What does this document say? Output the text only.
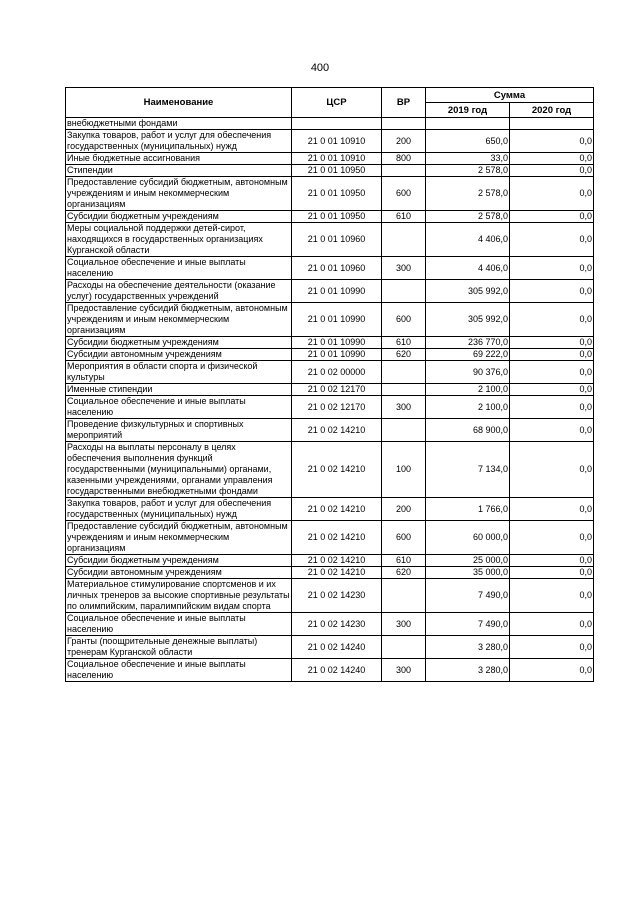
400
Наименование	ЦСР	ВР	Сумма	
			2019 год	2020 год
внебюджетными фондами				
Закупка товаров, работ и услуг для обеспечения государственных (муниципальных) нужд	21 0 01 10910	200	650,0	0,0
Иные бюджетные ассигнования	21 0 01 10910	800	33,0	0,0
Стипендии	21 0 01 10950		2 578,0	0,0
Предоставление субсидий бюджетным, автономным учреждениям и иным некоммерческим организациям	21 0 01 10950	600	2 578,0	0,0
Субсидии бюджетным учреждениям	21 0 01 10950	610	2 578,0	0,0
Меры социальной поддержки детей-сирот, находящихся в государственных организациях Курганской области	21 0 01 10960		4 406,0	0,0
Социальное обеспечение и иные выплаты населению	21 0 01 10960	300	4 406,0	0,0
Расходы на обеспечение деятельности (оказание услуг) государственных учреждений	21 0 01 10990		305 992,0	0,0
Предоставление субсидий бюджетным, автономным учреждениям и иным некоммерческим организациям	21 0 01 10990	600	305 992,0	0,0
Субсидии бюджетным учреждениям	21 0 01 10990	610	236 770,0	0,0
Субсидии автономным учреждениям	21 0 01 10990	620	69 222,0	0,0
Мероприятия в области спорта и физической культуры	21 0 02 00000		90 376,0	0,0
Именные стипендии	21 0 02 12170		2 100,0	0,0
Социальное обеспечение и иные выплаты населению	21 0 02 12170	300	2 100,0	0,0
Проведение физкультурных и спортивных мероприятий	21 0 02 14210		68 900,0	0,0
Расходы на выплаты персоналу в целях обеспечения выполнения функций государственными (муниципальными) органами, казенными учреждениями, органами управления государственными внебюджетными фондами	21 0 02 14210	100	7 134,0	0,0
Закупка товаров, работ и услуг для обеспечения государственных (муниципальных) нужд	21 0 02 14210	200	1 766,0	0,0
Предоставление субсидий бюджетным, автономным учреждениям и иным некоммерческим организациям	21 0 02 14210	600	60 000,0	0,0
Субсидии бюджетным учреждениям	21 0 02 14210	610	25 000,0	0,0
Субсидии автономным учреждениям	21 0 02 14210	620	35 000,0	0,0
Материальное стимулирование спортсменов и их личных тренеров за высокие спортивные результаты по олимпийским, паралимпийским видам спорта	21 0 02 14230		7 490,0	0,0
Социальное обеспечение и иные выплаты населению	21 0 02 14230	300	7 490,0	0,0
Гранты (поощрительные денежные выплаты) тренерам Курганской области	21 0 02 14240		3 280,0	0,0
Социальное обеспечение и иные выплаты населению	21 0 02 14240	300	3 280,0	0,0
